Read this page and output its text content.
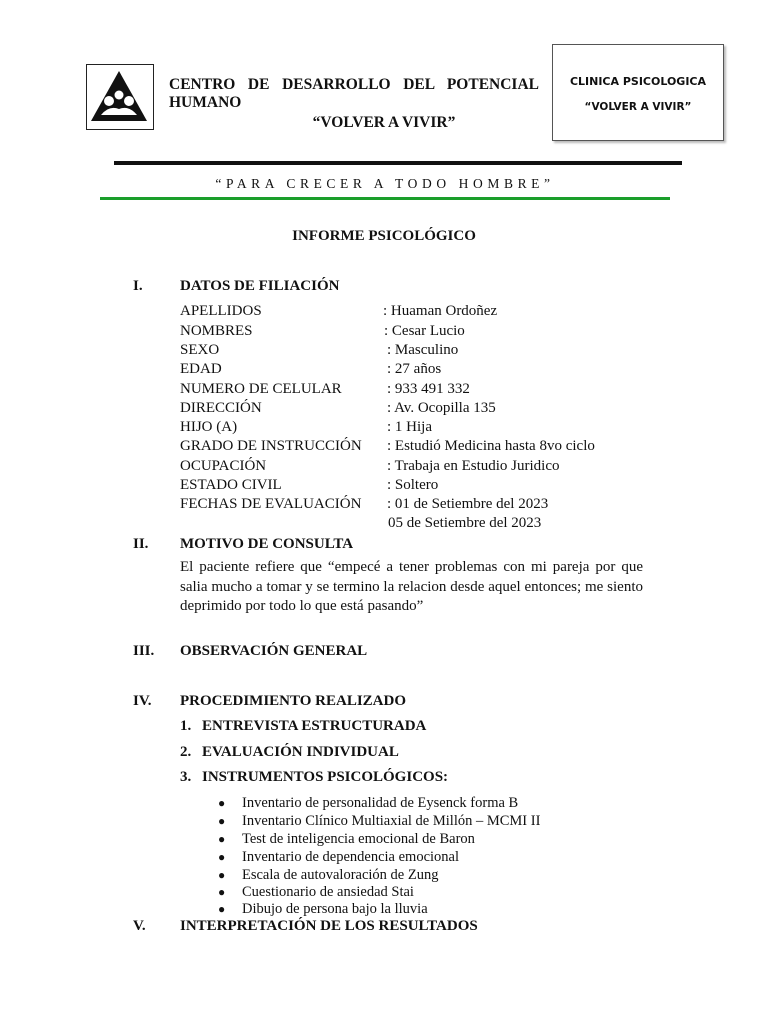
CENTRO DE DESARROLLO DEL POTENCIAL
HUMANO
“VOLVER A VIVIR”
CLINICA PSICOLOGICA
“VOLVER A VIVIR”
“PARA CRECER A TODO HOMBRE”
INFORME PSICOLÓGICO
I. DATOS DE FILIACIÓN
APELLIDOS	: Huaman Ordoñez
NOMBRES	: Cesar Lucio
SEXO	: Masculino
EDAD	: 27 años
NUMERO DE CELULAR	: 933 491 332
DIRECCIÓN	: Av. Ocopilla 135
HIJO (A)	: 1 Hija
GRADO DE INSTRUCCIÓN : Estudió Medicina hasta 8vo ciclo
OCUPACIÓN	: Trabaja en Estudio Juridico
ESTADO CIVIL	: Soltero
FECHAS DE EVALUACIÓN : 01 de Setiembre del 2023
05 de Setiembre del 2023
II. MOTIVO DE CONSULTA
El paciente refiere que “empecé a tener problemas con mi pareja por que salia mucho a tomar y se termino la relacion desde aquel entonces; me siento deprimido por todo lo que está pasando”
III. OBSERVACIÓN GENERAL
IV. PROCEDIMIENTO REALIZADO
1. ENTREVISTA ESTRUCTURADA
2. EVALUACIÓN INDIVIDUAL
3. INSTRUMENTOS PSICOLÓGICOS:
● Inventario de personalidad de Eysenck forma B
● Inventario Clínico Multiaxial de Millón – MCMI II
● Test de inteligencia emocional de Baron
● Inventario de dependencia emocional
● Escala de autovaloración de Zung
● Cuestionario de ansiedad Stai
● Dibujo de persona bajo la lluvia
V. INTERPRETACIÓN DE LOS RESULTADOS
